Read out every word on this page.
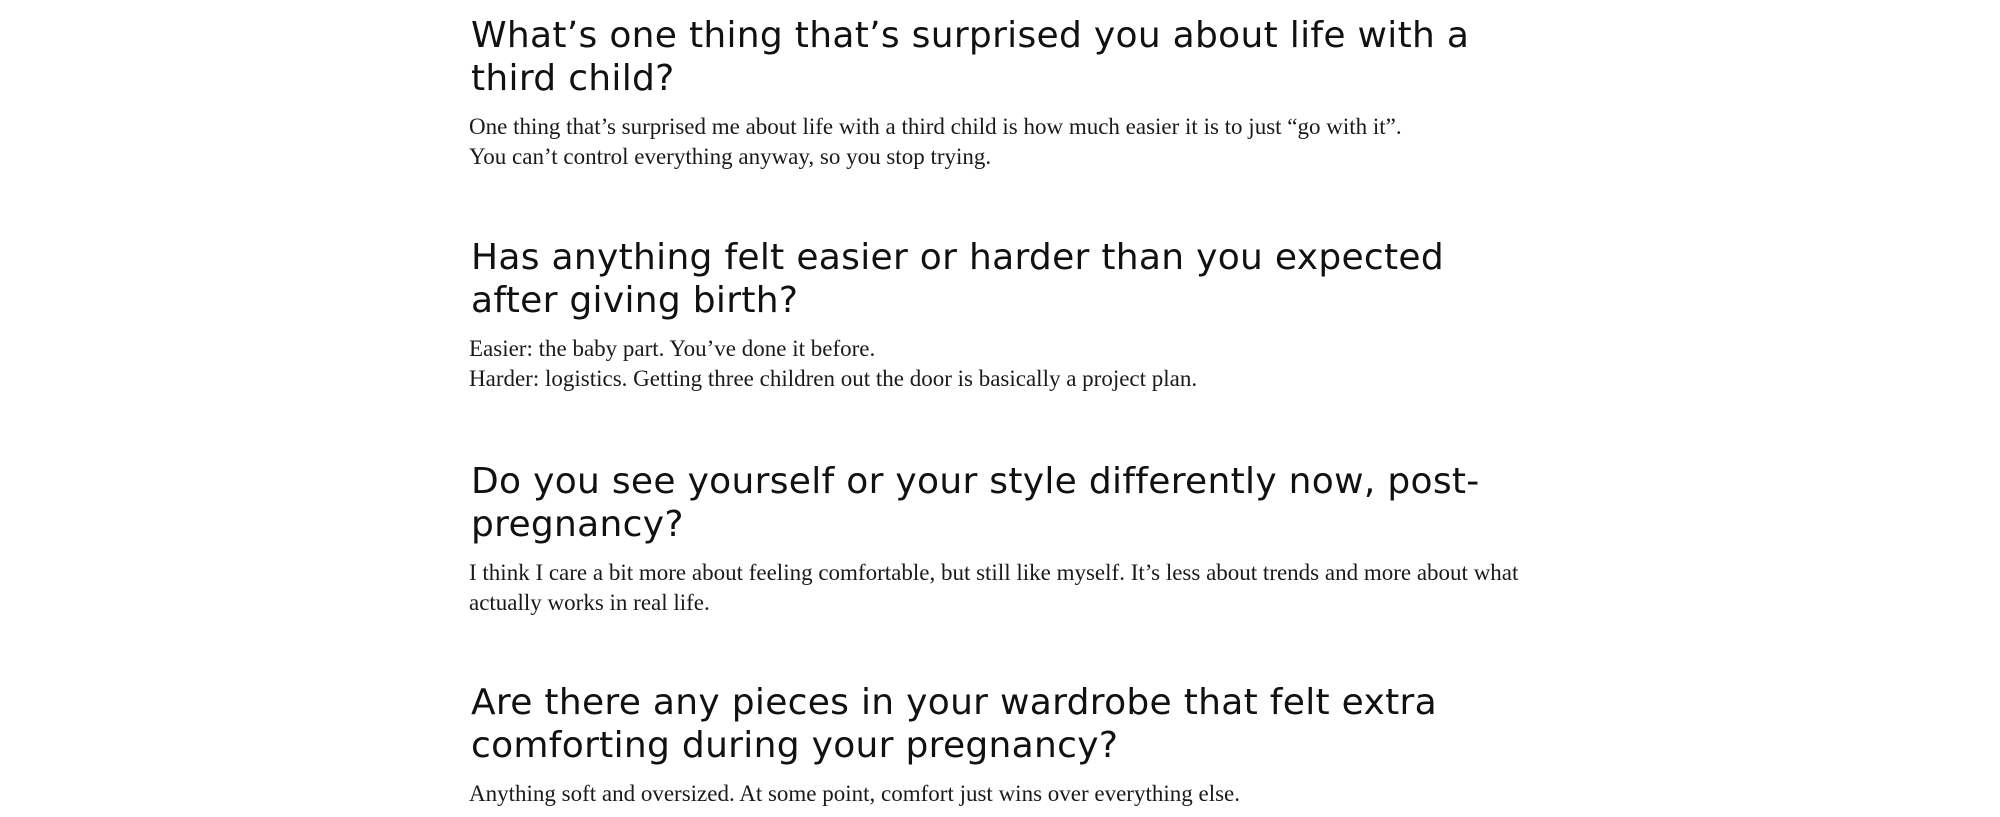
What’s one thing that’s surprised you about life with a third child?

One thing that’s surprised me about life with a third child is how much easier it is to just “go with it”.
You can’t control everything anyway, so you stop trying.

Has anything felt easier or harder than you expected after giving birth?

Easier: the baby part. You’ve done it before.
Harder: logistics. Getting three children out the door is basically a project plan.

Do you see yourself or your style differently now, post-pregnancy?

I think I care a bit more about feeling comfortable, but still like myself. It’s less about trends and more about what actually works in real life.

Are there any pieces in your wardrobe that felt extra comforting during your pregnancy?

Anything soft and oversized. At some point, comfort just wins over everything else.
